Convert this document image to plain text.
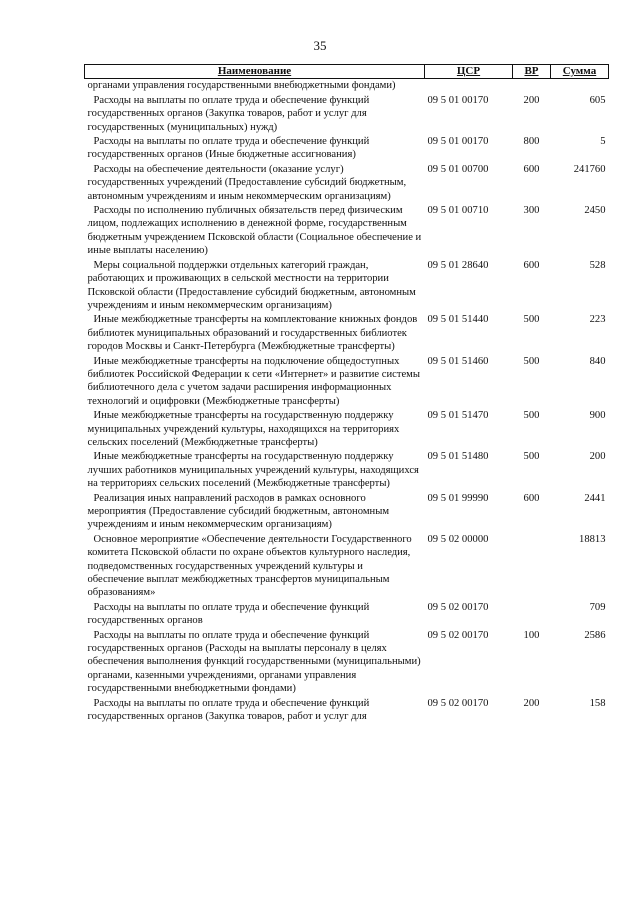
35
Наименование	ЦСР	ВР	Сумма
органами управления государственными внебюджетными фондами)			
Расходы на выплаты по оплате труда и обеспечение функций государственных органов (Закупка товаров, работ и услуг для государственных (муниципальных) нужд)	09 5 01 00170	200	605
Расходы на выплаты по оплате труда и обеспечение функций государственных органов (Иные бюджетные ассигнования)	09 5 01 00170	800	5
Расходы на обеспечение деятельности (оказание услуг) государственных учреждений (Предоставление субсидий бюджетным, автономным учреждениям и иным некоммерческим организациям)	09 5 01 00700	600	241760
Расходы по исполнению публичных обязательств перед физическим лицом, подлежащих исполнению в денежной форме, государственным бюджетным учреждением Псковской области (Социальное обеспечение и иные выплаты населению)	09 5 01 00710	300	2450
Меры социальной поддержки отдельных категорий граждан, работающих и проживающих в сельской местности на территории Псковской области (Предоставление субсидий бюджетным, автономным учреждениям и иным некоммерческим организациям)	09 5 01 28640	600	528
Иные межбюджетные трансферты на комплектование книжных фондов библиотек муниципальных образований и государственных библиотек городов Москвы и Санкт-Петербурга (Межбюджетные трансферты)	09 5 01 51440	500	223
Иные межбюджетные трансферты на подключение общедоступных библиотек Российской Федерации к сети «Интернет» и развитие системы библиотечного дела с учетом задачи расширения информационных технологий и оцифровки (Межбюджетные трансферты)	09 5 01 51460	500	840
Иные межбюджетные трансферты на государственную поддержку муниципальных учреждений культуры, находящихся на территориях сельских поселений (Межбюджетные трансферты)	09 5 01 51470	500	900
Иные межбюджетные трансферты на государственную поддержку лучших работников муниципальных учреждений культуры, находящихся на территориях сельских поселений (Межбюджетные трансферты)	09 5 01 51480	500	200
Реализация иных направлений расходов в рамках основного мероприятия (Предоставление субсидий бюджетным, автономным учреждениям и иным некоммерческим организациям)	09 5 01 99990	600	2441
Основное мероприятие «Обеспечение деятельности Государственного комитета Псковской области по охране объектов культурного наследия, подведомственных государственных учреждений культуры и обеспечение выплат межбюджетных трансфертов муниципальным образованиям»	09 5 02 00000		18813
Расходы на выплаты по оплате труда и обеспечение функций государственных органов	09 5 02 00170		709
Расходы на выплаты по оплате труда и обеспечение функций государственных органов (Расходы на выплаты персоналу в целях обеспечения выполнения функций государственными (муниципальными) органами, казенными учреждениями, органами управления государственными внебюджетными фондами)	09 5 02 00170	100	2586
Расходы на выплаты по оплате труда и обеспечение функций государственных органов (Закупка товаров, работ и услуг для	09 5 02 00170	200	158
